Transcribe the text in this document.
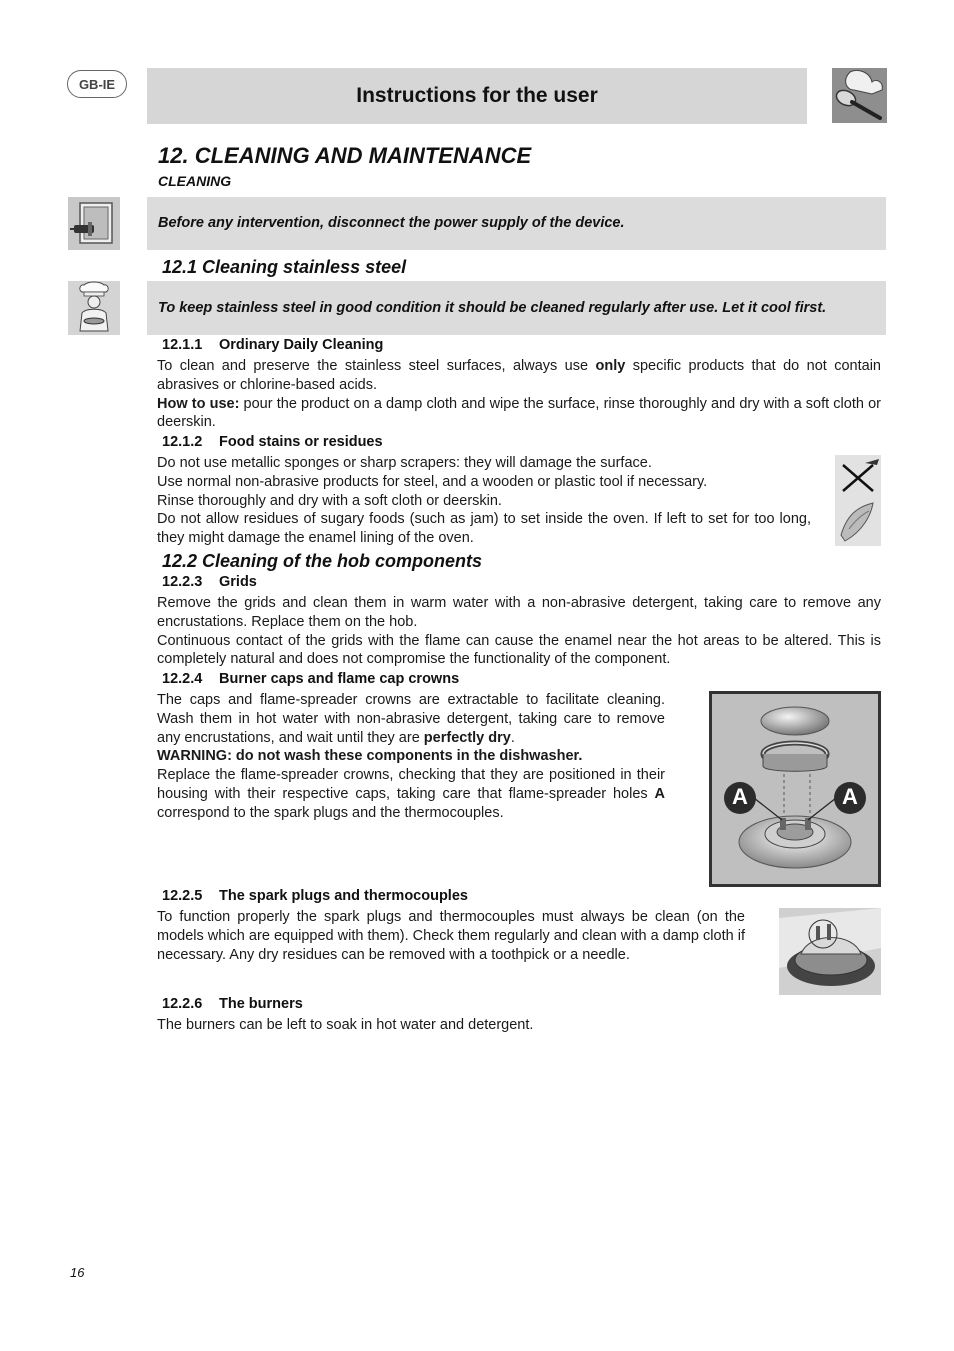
GB-IE	Instructions for the user
12. CLEANING AND MAINTENANCE
CLEANING
Before any intervention, disconnect the power supply of the device.
12.1 Cleaning stainless steel
To keep stainless steel in good condition it should be cleaned regularly after use. Let it cool first.
12.1.1 Ordinary Daily Cleaning

To clean and preserve the stainless steel surfaces, always use only specific products that do not contain abrasives or chlorine-based acids.

How to use: pour the product on a damp cloth and wipe the surface, rinse thoroughly and dry with a soft cloth or deerskin.

12.1.2 Food stains or residues

Do not use metallic sponges or sharp scrapers: they will damage the surface.

Use normal non-abrasive products for steel, and a wooden or plastic tool if necessary.

Rinse thoroughly and dry with a soft cloth or deerskin.

Do not allow residues of sugary foods (such as jam) to set inside the oven. If left to set for too long, they might damage the enamel lining of the oven.

12.2 Cleaning of the hob components
12.2.3 Grids

Remove the grids and clean them in warm water with a non-abrasive detergent, taking care to remove any encrustations. Replace them on the hob.

Continuous contact of the grids with the flame can cause the enamel near the hot areas to be altered. This is completely natural and does not compromise the functionality of the component.

12.2.4 Burner caps and flame cap crowns

The caps and flame-spreader crowns are extractable to facilitate cleaning. Wash them in hot water with non-abrasive detergent, taking care to remove any encrustations, and wait until they are perfectly dry.

WARNING: do not wash these components in the dishwasher.

Replace the flame-spreader crowns, checking that they are positioned in their housing with their respective caps, taking care that flame-spreader holes A correspond to the spark plugs and the thermocouples.

A	A
12.2.5 The spark plugs and thermocouples

To function properly the spark plugs and thermocouples must always be clean (on the models which are equipped with them). Check them regularly and clean with a damp cloth if necessary. Any dry residues can be removed with a toothpick or a needle.

12.2.6 The burners

The burners can be left to soak in hot water and detergent.

16
